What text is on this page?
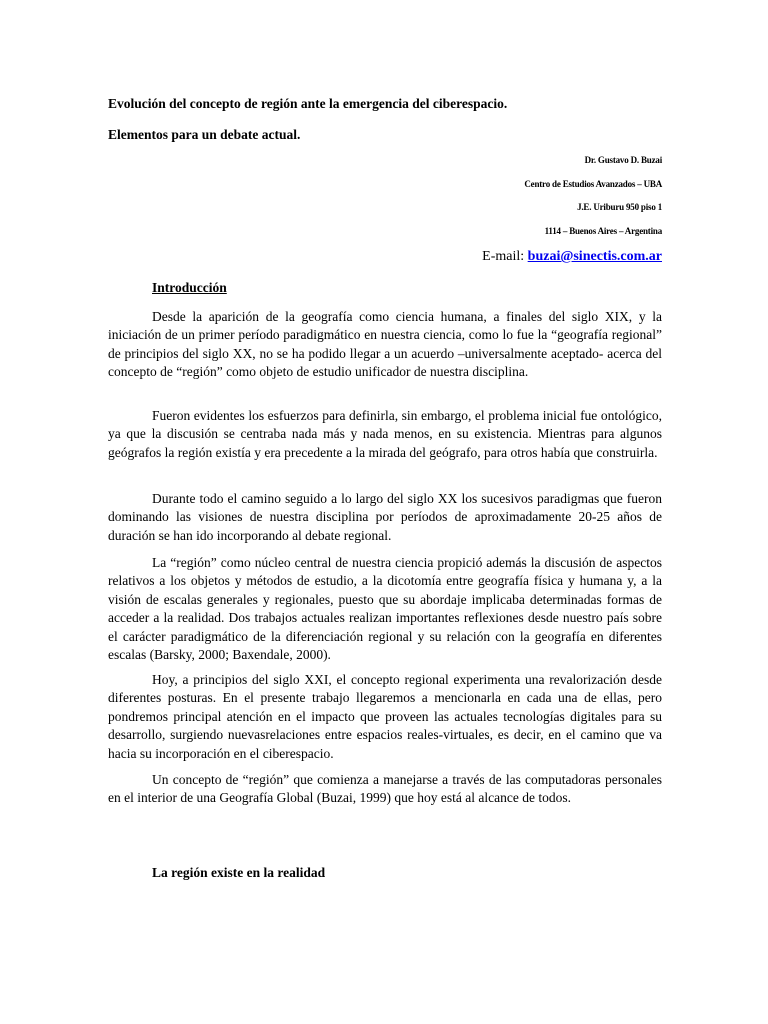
Evolución del concepto de región ante la emergencia del ciberespacio.
Elementos para un debate actual.
Dr. Gustavo D. Buzai
Centro de Estudios Avanzados – UBA
J.E. Uriburu 950 piso 1
1114 – Buenos Aires – Argentina
E-mail: buzai@sinectis.com.ar
Introducción

Desde la aparición de la geografía como ciencia humana, a finales del siglo XIX, y la iniciación de un primer período paradigmático en nuestra ciencia, como lo fue la “geografía regional” de principios del siglo XX, no se ha podido llegar a un acuerdo –universalmente aceptado- acerca del concepto de “región” como objeto de estudio unificador de nuestra disciplina.

Fueron evidentes los esfuerzos para definirla, sin embargo, el problema inicial fue ontológico, ya que la discusión se centraba nada más y nada menos, en su existencia. Mientras para algunos geógrafos la región existía y era precedente a la mirada del geógrafo, para otros había que construirla.

Durante todo el camino seguido a lo largo del siglo XX los sucesivos paradigmas que fueron dominando las visiones de nuestra disciplina por períodos de aproximadamente 20-25 años de duración se han ido incorporando al debate regional.

La “región” como núcleo central de nuestra ciencia propició además la discusión de aspectos relativos a los objetos y métodos de estudio, a la dicotomía entre geografía física y humana y, a la visión de escalas generales y regionales, puesto que su abordaje implicaba determinadas formas de acceder a la realidad. Dos trabajos actuales realizan importantes reflexiones desde nuestro país sobre el carácter paradigmático de la diferenciación regional y su relación con la geografía en diferentes escalas (Barsky, 2000; Baxendale, 2000).

Hoy, a principios del siglo XXI, el concepto regional experimenta una revalorización desde diferentes posturas. En el presente trabajo llegaremos a mencionarla en cada una de ellas, pero pondremos principal atención en el impacto que proveen las actuales tecnologías digitales para su desarrollo, surgiendo nuevasrelaciones entre espacios reales-virtuales, es decir, en el camino que va hacia su incorporación en el ciberespacio.

Un concepto de “región” que comienza a manejarse a través de las computadoras personales en el interior de una Geografía Global (Buzai, 1999) que hoy está al alcance de todos.

La región existe en la realidad
